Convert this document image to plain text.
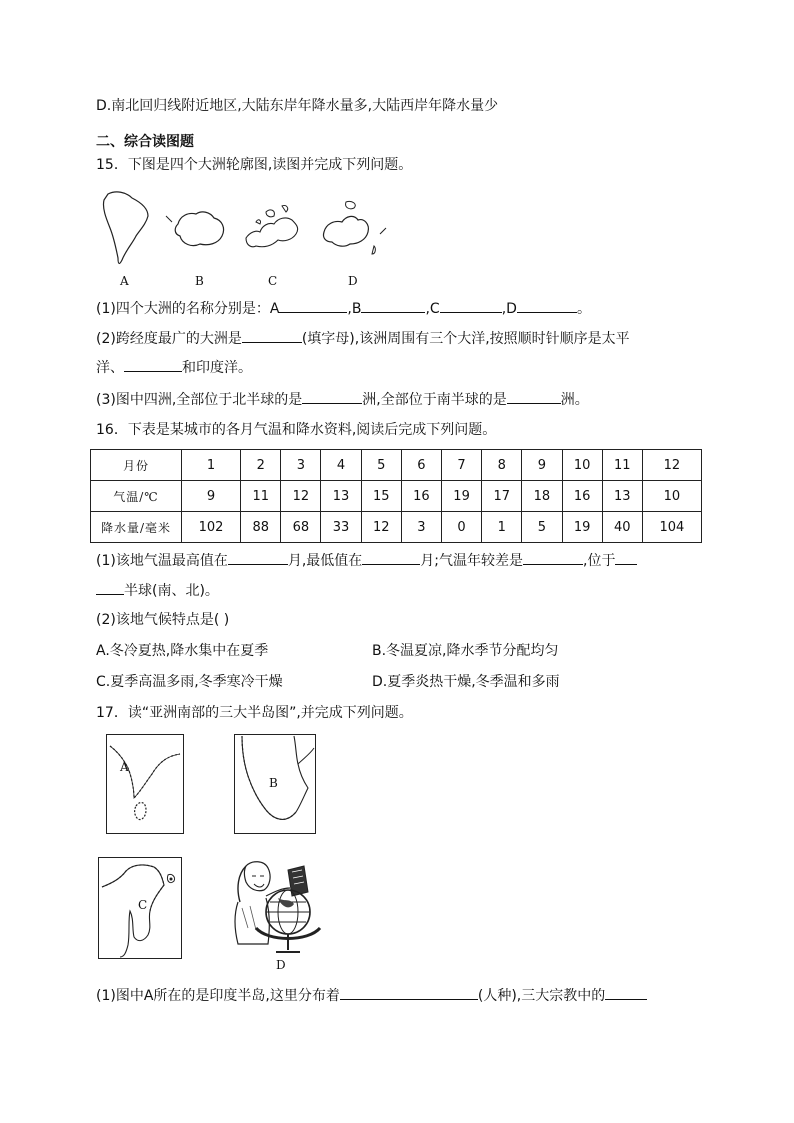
D.南北回归线附近地区,大陆东岸年降水量多,大陆西岸年降水量少
二、综合读图题
15．下图是四个大洲轮廓图,读图并完成下列问题。
A	B	C	D
(1)四个大洲的名称分别是：A	,B	,C	,D	。
(2)跨经度最广的大洲是	(填字母),该洲周围有三个大洋,按照顺时针顺序是太平
洋、	和印度洋。
(3)图中四洲,全部位于北半球的是	洲,全部位于南半球的是	洲。
16．下表是某城市的各月气温和降水资料,阅读后完成下列问题。
月份	1	2	3	4	5	6	7	8	9	10	11	12
气温/℃	9	11	12	13	15	16	19	17	18	16	13	10
降水量/毫米	102	88	68	33	12	3	0	1	5	19	40	104
(1)该地气温最高值在	月,最低值在	月;气温年较差是	,位于
半球(南、北)。
(2)该地气候特点是( )
A.冬冷夏热,降水集中在夏季	B.冬温夏凉,降水季节分配均匀
C.夏季高温多雨,冬季寒冷干燥	D.夏季炎热干燥,冬季温和多雨
17．读“亚洲南部的三大半岛图”,并完成下列问题。
A
B
C
D
(1)图中A所在的是印度半岛,这里分布着	(人种),三大宗教中的
